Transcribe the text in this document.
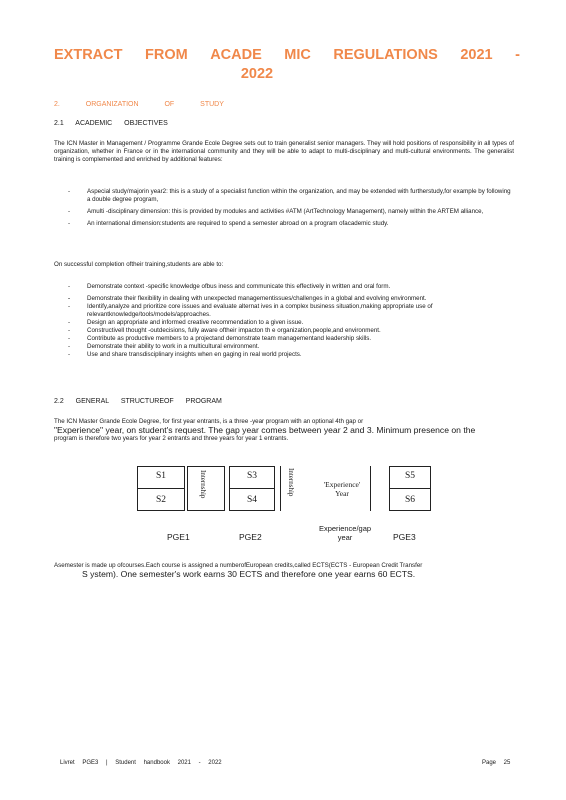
EXTRACT FROM ACADE MIC REGULATIONS 2021 -
2022
2. ORGANIZATION OF STUDY
2.1 ACADEMIC OBJECTIVES
The ICN Master in Management / Programme Grande Ecole Degree sets out to train generalist senior managers. They will hold positions of responsibility in all types of organization, whether in France or in the international community and they will be able to adapt to multi-disciplinary and multi-cultural environments. The generalist training is complemented and enriched by additional features:
- Aspecial study/majorin year2: this is a study of a specialist function within the organization, and may be extended with furtherstudy,for example by following a double degree program,
- Amulti -disciplinary dimension: this is provided by modules and activities #ATM (ArtTechnology Management), namely within the ARTEM alliance,
- An international dimension:students are required to spend a semester abroad on a program ofacademic study.
On successful completion oftheir training,students are able to:
- Demonstrate context -specific knowledge ofbus iness and communicate this effectively in written and oral form.
- Demonstrate their flexibility in dealing with unexpected managementissues/challenges in a global and evolving environment.
- Identify,analyze and prioritize core issues and evaluate alternat ives in a complex business situation,making appropriate use of relevantknowledge/tools/models/approaches.
- Design an appropriate and informed creative recommendation to a given issue.
- Constructivell thought -outdecisions, fully aware oftheir impacton th e organization,people,and environment.
- Contribute as productive members to a projectand demonstrate team managementand leadership skills.
- Demonstrate their ability to work in a multicultural environment.
- Use and share transdisciplinary insights when en gaging in real world projects.
2.2 GENERAL STRUCTUREOF PROGRAM
The ICN Master Grande Ecole Degree, for first year entrants, is a three -year program with an optional 4th gap or
"Experience" year, on student's request. The gap year comes between year 2 and 3. Minimum presence on the
program is therefore two years for year 2 entrants and three years for year 1 entrants.
S1
S2
Internship	S3
S4
Internship	'Experience' Year
S5
S6
PGE1	PGE2
Experience/gap year	PGE3
Asemester is made up ofcourses.Each course is assigned a numberofEuropean credits,called ECTS(ECTS - European Credit Transfer
S ystem). One semester's work earns 30 ECTS and therefore one year earns 60 ECTS.
Livret PGE3 | Student handbook 2021 - 2022	Page 25
